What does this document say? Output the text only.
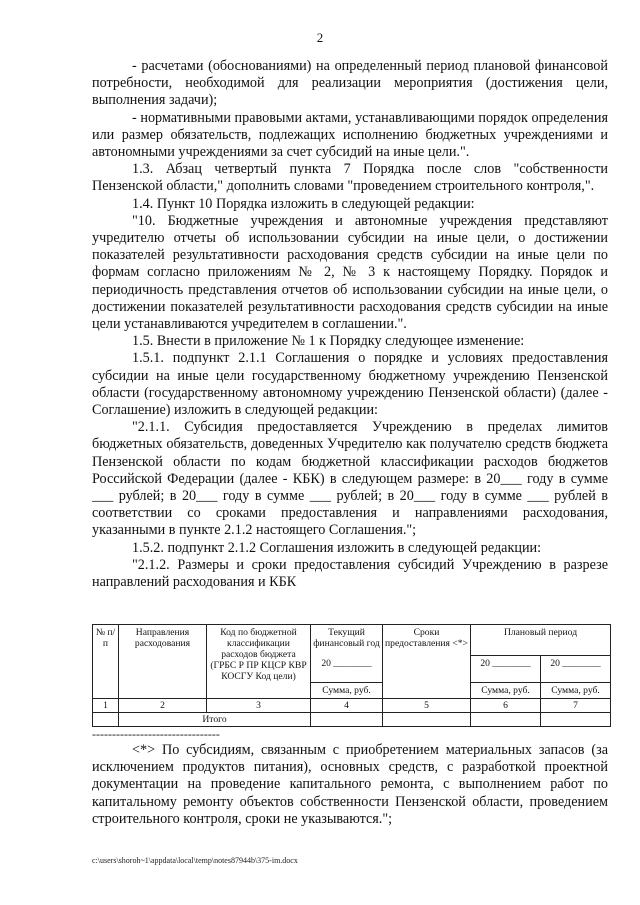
2

- расчетами (обоснованиями) на определенный период плановой финансовой потребности, необходимой для реализации мероприятия (достижения цели, выполнения задачи);

- нормативными правовыми актами, устанавливающими порядок определения или размер обязательств, подлежащих исполнению бюджетных учреждениями и автономными учреждениями за счет субсидий на иные цели.".

1.3. Абзац четвертый пункта 7 Порядка после слов "собственности Пензенской области," дополнить словами "проведением строительного контроля,".

1.4. Пункт 10 Порядка изложить в следующей редакции:

"10. Бюджетные учреждения и автономные учреждения представляют учредителю отчеты об использовании субсидии на иные цели, о достижении показателей результативности расходования средств субсидии на иные цели по формам согласно приложениям № 2, № 3 к настоящему Порядку. Порядок и периодичность представления отчетов об использовании субсидии на иные цели, о достижении показателей результативности расходования средств субсидии на иные цели устанавливаются учредителем в соглашении.".

1.5. Внести в приложение № 1 к Порядку следующее изменение:

1.5.1. подпункт 2.1.1 Соглашения о порядке и условиях предоставления субсидии на иные цели государственному бюджетному учреждению Пензенской области (государственному автономному учреждению Пензенской области) (далее - Соглашение) изложить в следующей редакции:

"2.1.1. Субсидия предоставляется Учреждению в пределах лимитов бюджетных обязательств, доведенных Учредителю как получателю средств бюджета Пензенской области по кодам бюджетной классификации расходов бюджетов Российской Федерации (далее - КБК) в следующем размере: в 20___ году в сумме ___ рублей; в 20___ году в сумме ___ рублей; в 20___ году в сумме ___ рублей в соответствии со сроками предоставления и направлениями расходования, указанными в пункте 2.1.2 настоящего Соглашения.";

1.5.2. подпункт 2.1.2 Соглашения изложить в следующей редакции:

"2.1.2. Размеры и сроки предоставления субсидий Учреждению в разрезе направлений расходования и КБК

№ п/п	Направления расходования	Код по бюджетной классификации расходов бюджета (ГРБС Р ПР КЦСР КВР КОСГУ Код цели)	Текущий финансовый год	Сроки предоставления <*>	Плановый период	
			20 ________		20 ________	20 ________
			Сумма, руб.		Сумма, руб.	Сумма, руб.
1	2	3	4	5	6	7
	Итого					
--------------------------------

<*> По субсидиям, связанным с приобретением материальных запасов (за исключением продуктов питания), основных средств, с разработкой проектной документации на проведение капитального ремонта, с выполнением работ по капитальному ремонту объектов собственности Пензенской области, проведением строительного контроля, сроки не указываются.";

c:\users\shoroh~1\appdata\local\temp\notes87944b\375-im.docx
